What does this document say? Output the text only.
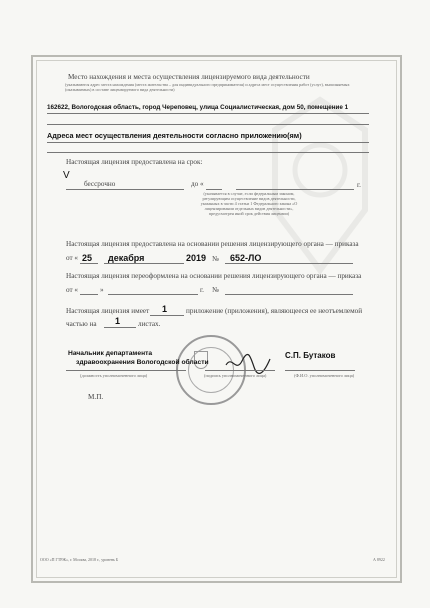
Место нахождения и места осуществления лицензируемого вида деятельности
(указываются адрес места нахождения (места жительства – для индивидуального предпринимателя) и адреса мест осуществления работ (услуг), выполняемых (оказываемых) в составе лицензируемого вида деятельности)
162622, Вологодская область, город Череповец, улица Социалистическая, дом 50, помещение 1
Адреса мест осуществления деятельности согласно приложению(ям)
Настоящая лицензия предоставлена на срок:
V
бессрочно	до «	г.
(указывается в случае, если федеральным законом, регулирующим осуществление видов деятельности, указанных в части 4 статьи 1 Федерального закона «О лицензировании отдельных видов деятельности», предусмотрен иной срок действия лицензии)
Настоящая лицензия предоставлена на основании решения лицензирующего органа — приказа
от « 25 декабря	2019 № 652-ЛО
Настоящая лицензия переоформлена на основании решения лицензирующего органа — приказа
от «	»	г. №
Настоящая лицензия имеет 1	приложение (приложения), являющееся ее неотъемлемой
частью на 1 листах.
Начальник департамента
здравоохранения Вологодской области
С.П. Бутаков
(должность уполномоченного лица)	(подпись уполномоченного лица)	(Ф.И.О. уполномоченного лица)
М.П.
ООО «П ГТРЖ», г. Москва, 2018 г., уровень Б	А 8922
